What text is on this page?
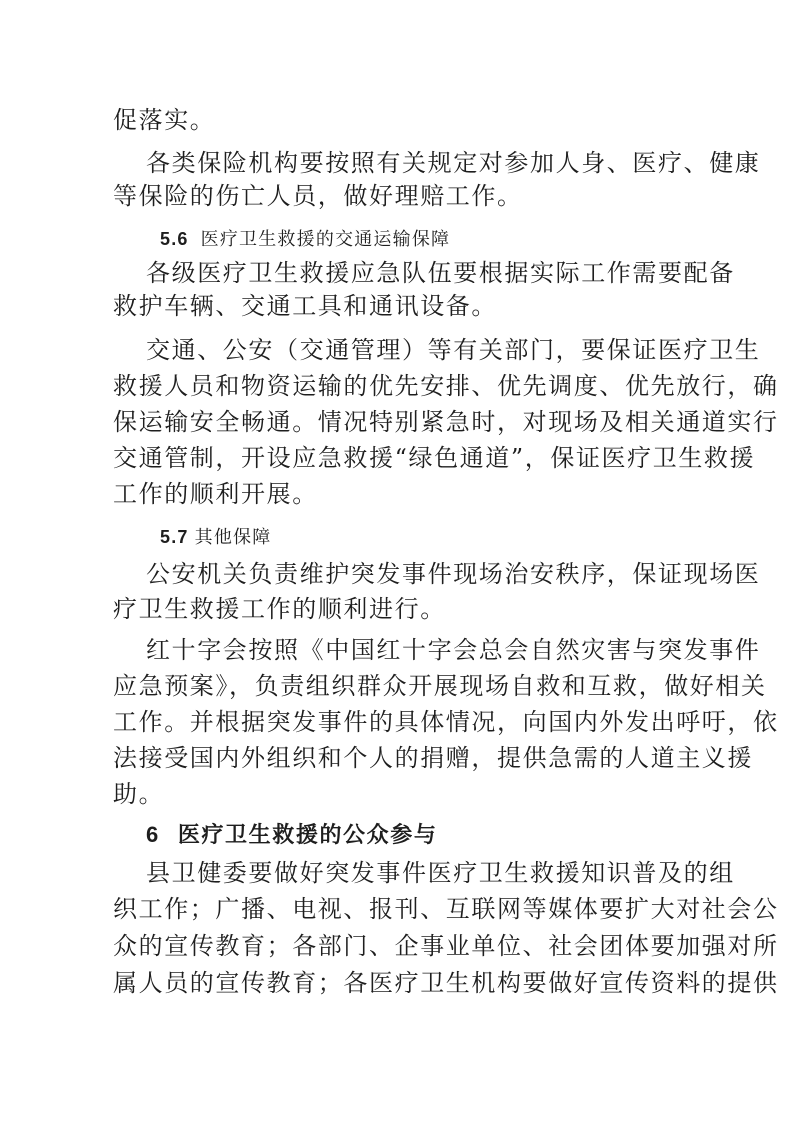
促落实。
各类保险机构要按照有关规定对参加人身、医疗、健康
等保险的伤亡人员，做好理赔工作。
5.6 医疗卫生救援的交通运输保障
各级医疗卫生救援应急队伍要根据实际工作需要配备
救护车辆、交通工具和通讯设备。
交通、公安（交通管理）等有关部门，要保证医疗卫生
救援人员和物资运输的优先安排、优先调度、优先放行，确
保运输安全畅通。情况特别紧急时，对现场及相关通道实行
交通管制，开设应急救援“绿色通道”，保证医疗卫生救援
工作的顺利开展。
5.7 其他保障
公安机关负责维护突发事件现场治安秩序，保证现场医
疗卫生救援工作的顺利进行。
红十字会按照《中国红十字会总会自然灾害与突发事件
应急预案》，负责组织群众开展现场自救和互救，做好相关
工作。并根据突发事件的具体情况，向国内外发出呼吁，依
法接受国内外组织和个人的捐赠，提供急需的人道主义援
助。
6 医疗卫生救援的公众参与
县卫健委要做好突发事件医疗卫生救援知识普及的组
织工作；广播、电视、报刊、互联网等媒体要扩大对社会公
众的宣传教育；各部门、企事业单位、社会团体要加强对所
属人员的宣传教育；各医疗卫生机构要做好宣传资料的提供
